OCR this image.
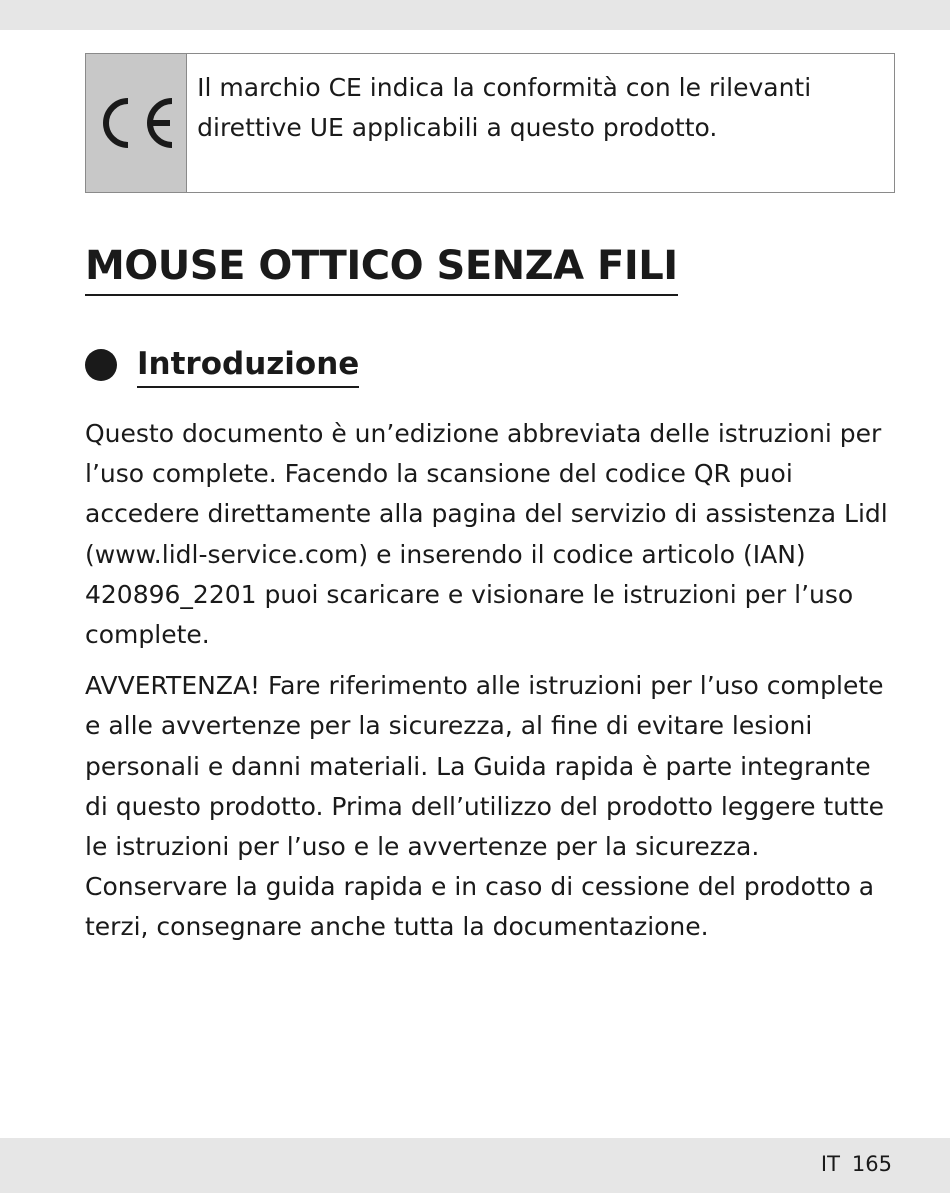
Il marchio CE indica la conformità con le rilevanti direttive UE applicabili a questo prodotto.
MOUSE OTTICO SENZA FILI
Introduzione

Questo documento è un’edizione abbreviata delle istruzioni per l’uso complete. Facendo la scansione del codice QR puoi accedere direttamente alla pagina del servizio di assistenza Lidl (www.lidl-service.com) e inserendo il codice articolo (IAN) 420896_2201 puoi scaricare e visionare le istruzioni per l’uso complete.

AVVERTENZA! Fare riferimento alle istruzioni per l’uso complete e alle avvertenze per la sicurezza, al fine di evitare lesioni personali e danni materiali. La Guida rapida è parte integrante di questo prodotto. Prima dell’utilizzo del prodotto leggere tutte le istruzioni per l’uso e le avvertenze per la sicurezza. Conservare la guida rapida e in caso di cessione del prodotto a terzi, consegnare anche tutta la documentazione.

IT 165
